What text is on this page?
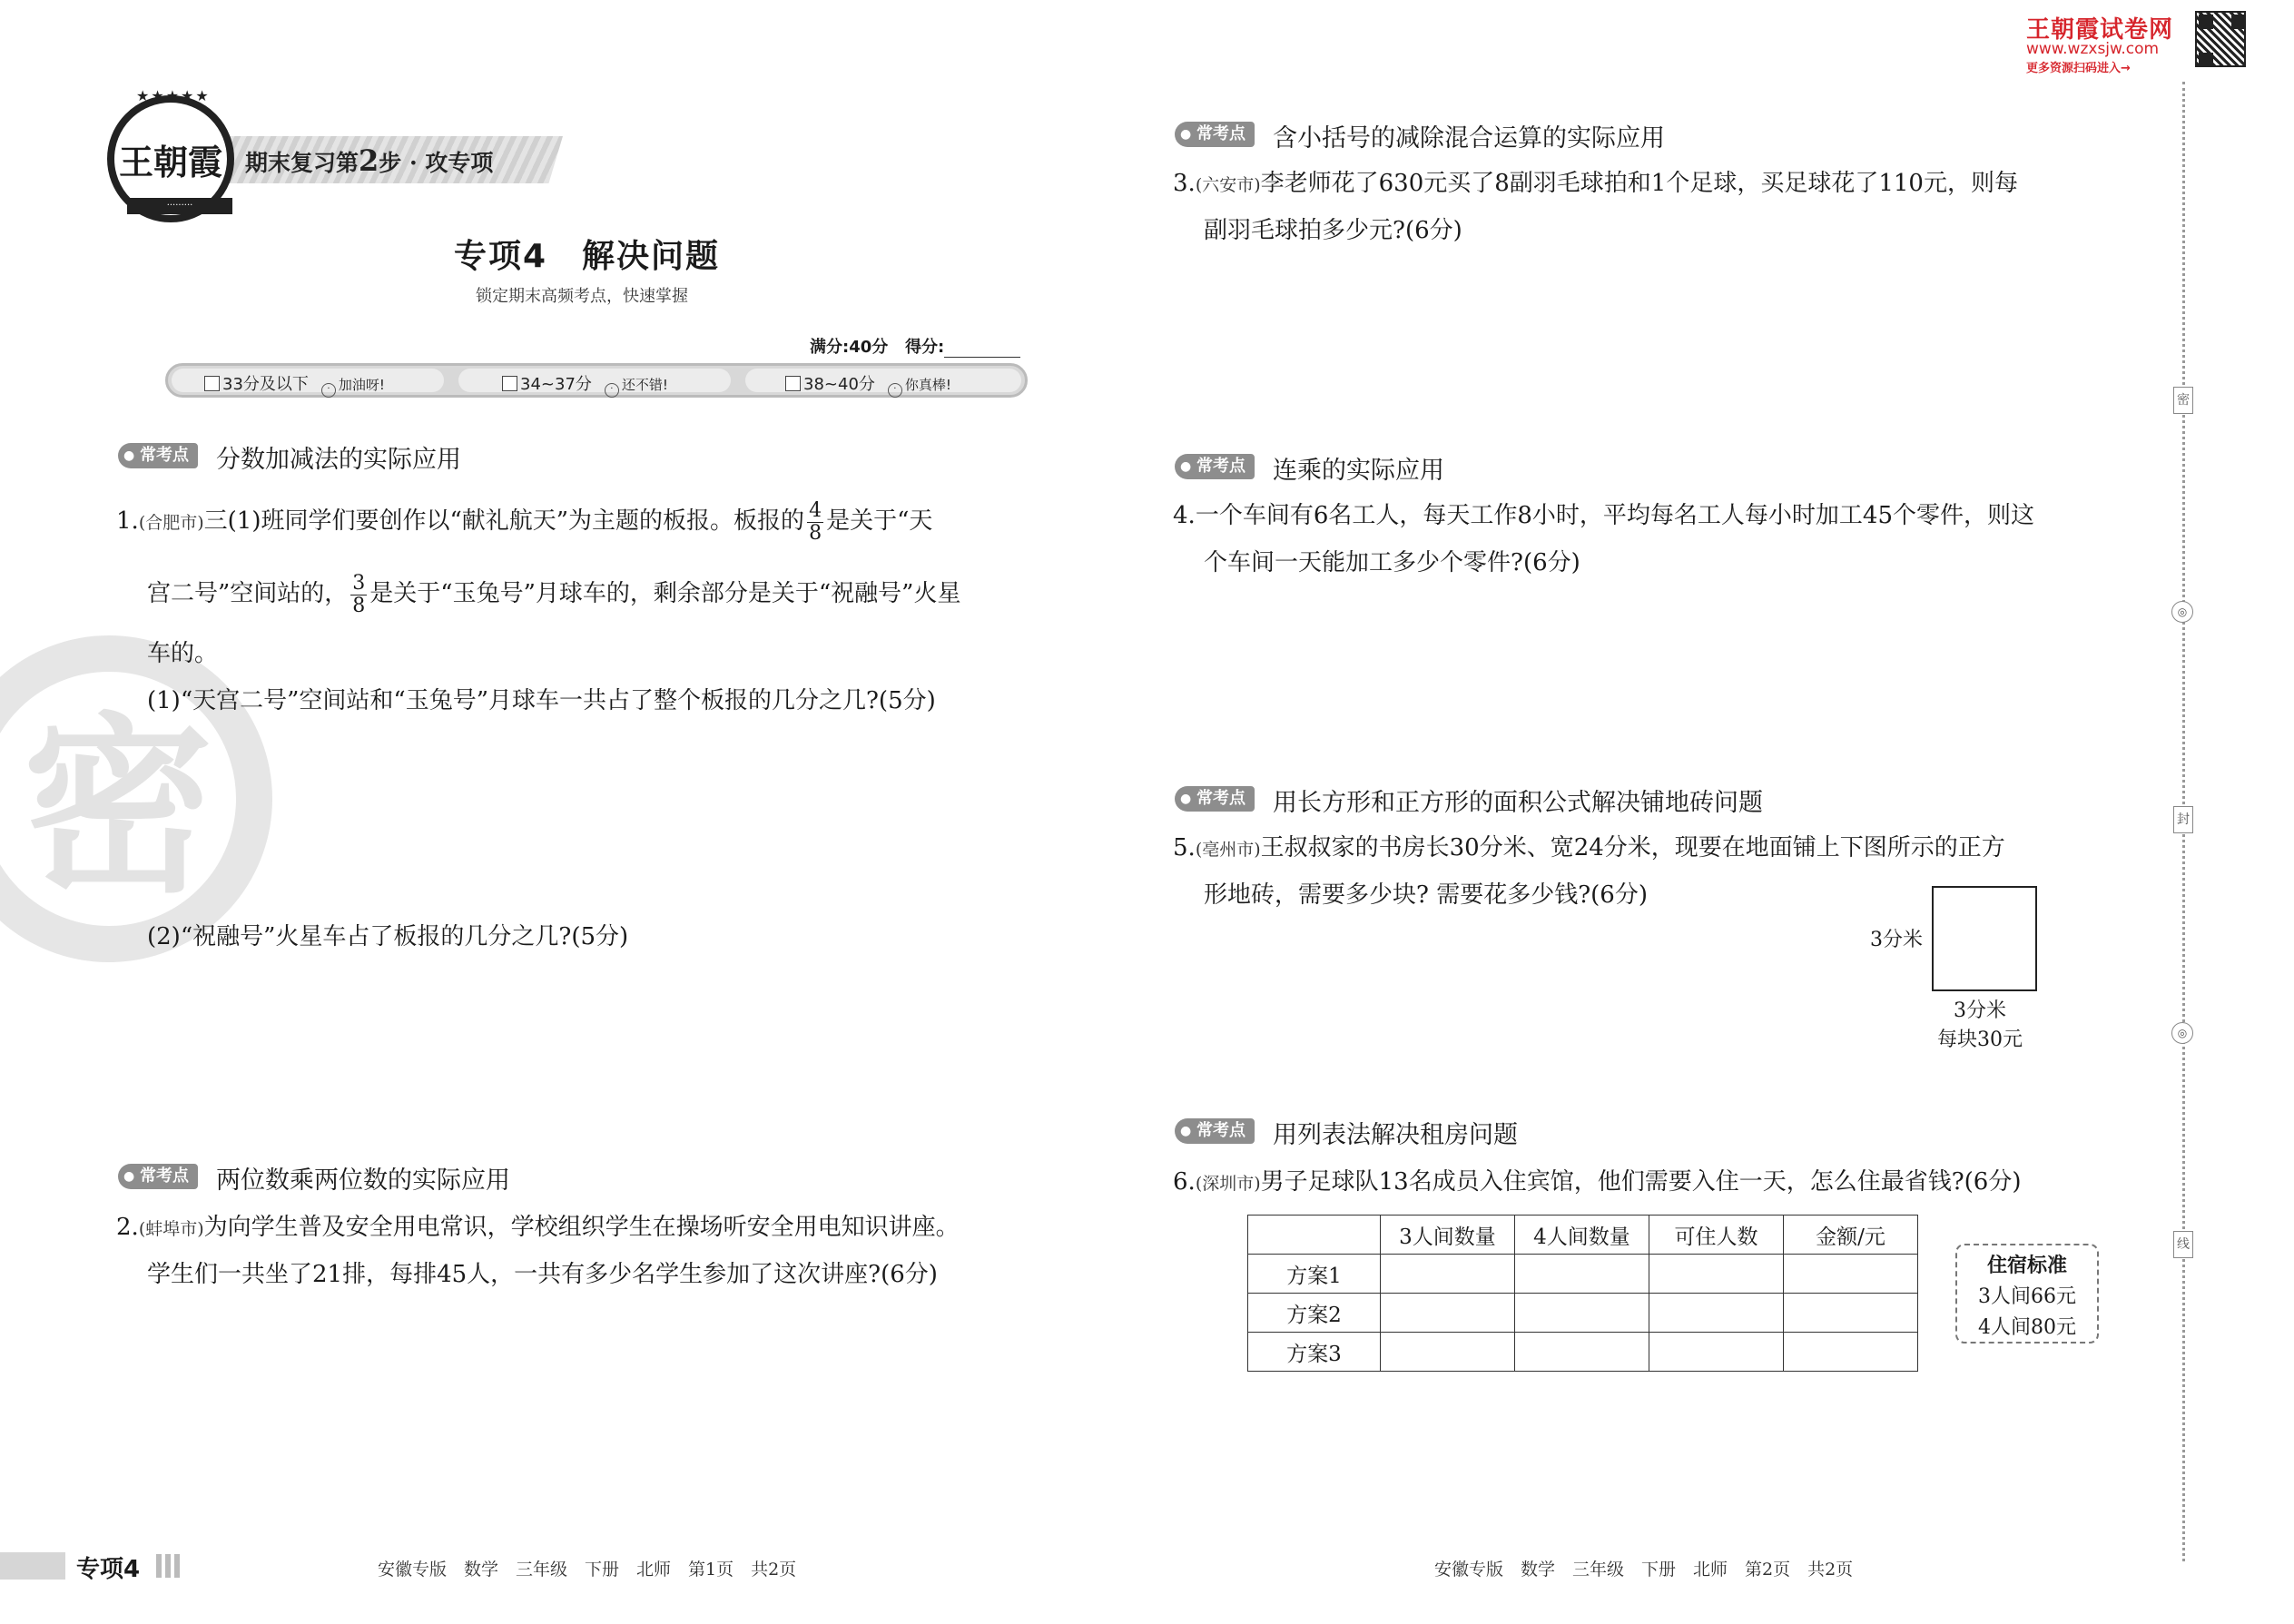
密
王朝霞试卷网
www.wzxsjw.com
更多资源扫码进入→
期末复习第2步 · 攻专项
★★★★★
王朝霞
·········
专项4　解决问题
锁定期末高频考点，快速掌握
满分:40分 得分:
33分及以下 · 加油呀!	34~37分 · 还不错!	38~40分 · 你真棒!
● 常考点	分数加减法的实际应用
1.(合肥市)三(1)班同学们要创作以“献礼航天”为主题的板报。板报的 $\frac{4}{8}$ 是关于“天
宫二号”空间站的， $\frac{3}{8}$ 是关于“玉兔号”月球车的，剩余部分是关于“祝融号”火星
车的。
(1)“天宫二号”空间站和“玉兔号”月球车一共占了整个板报的几分之几?(5分)
(2)“祝融号”火星车占了板报的几分之几?(5分)
● 常考点	两位数乘两位数的实际应用
2.(蚌埠市)为向学生普及安全用电常识，学校组织学生在操场听安全用电知识讲座。
学生们一共坐了21排，每排45人，一共有多少名学生参加了这次讲座?(6分)
● 常考点	含小括号的减除混合运算的实际应用
3.(六安市)李老师花了630元买了8副羽毛球拍和1个足球，买足球花了110元，则每
副羽毛球拍多少元?(6分)
● 常考点	连乘的实际应用
4.一个车间有6名工人，每天工作8小时，平均每名工人每小时加工45个零件，则这
个车间一天能加工多少个零件?(6分)
● 常考点	用长方形和正方形的面积公式解决铺地砖问题
5.(亳州市)王叔叔家的书房长30分米、宽24分米，现要在地面铺上下图所示的正方
形地砖，需要多少块? 需要花多少钱?(6分)
3分米
3分米
每块30元
● 常考点	用列表法解决租房问题
6.(深圳市)男子足球队13名成员入住宾馆，他们需要入住一天，怎么住最省钱?(6分)
	3人间数量	4人间数量	可住人数	金额/元
方案1				
方案2				
方案3				
住宿标准
3人间66元
4人间80元
密
◎
封
◎
线
专项4	安徽专版　数学　三年级　下册　北师　第1页　共2页	安徽专版　数学　三年级　下册　北师　第2页　共2页
